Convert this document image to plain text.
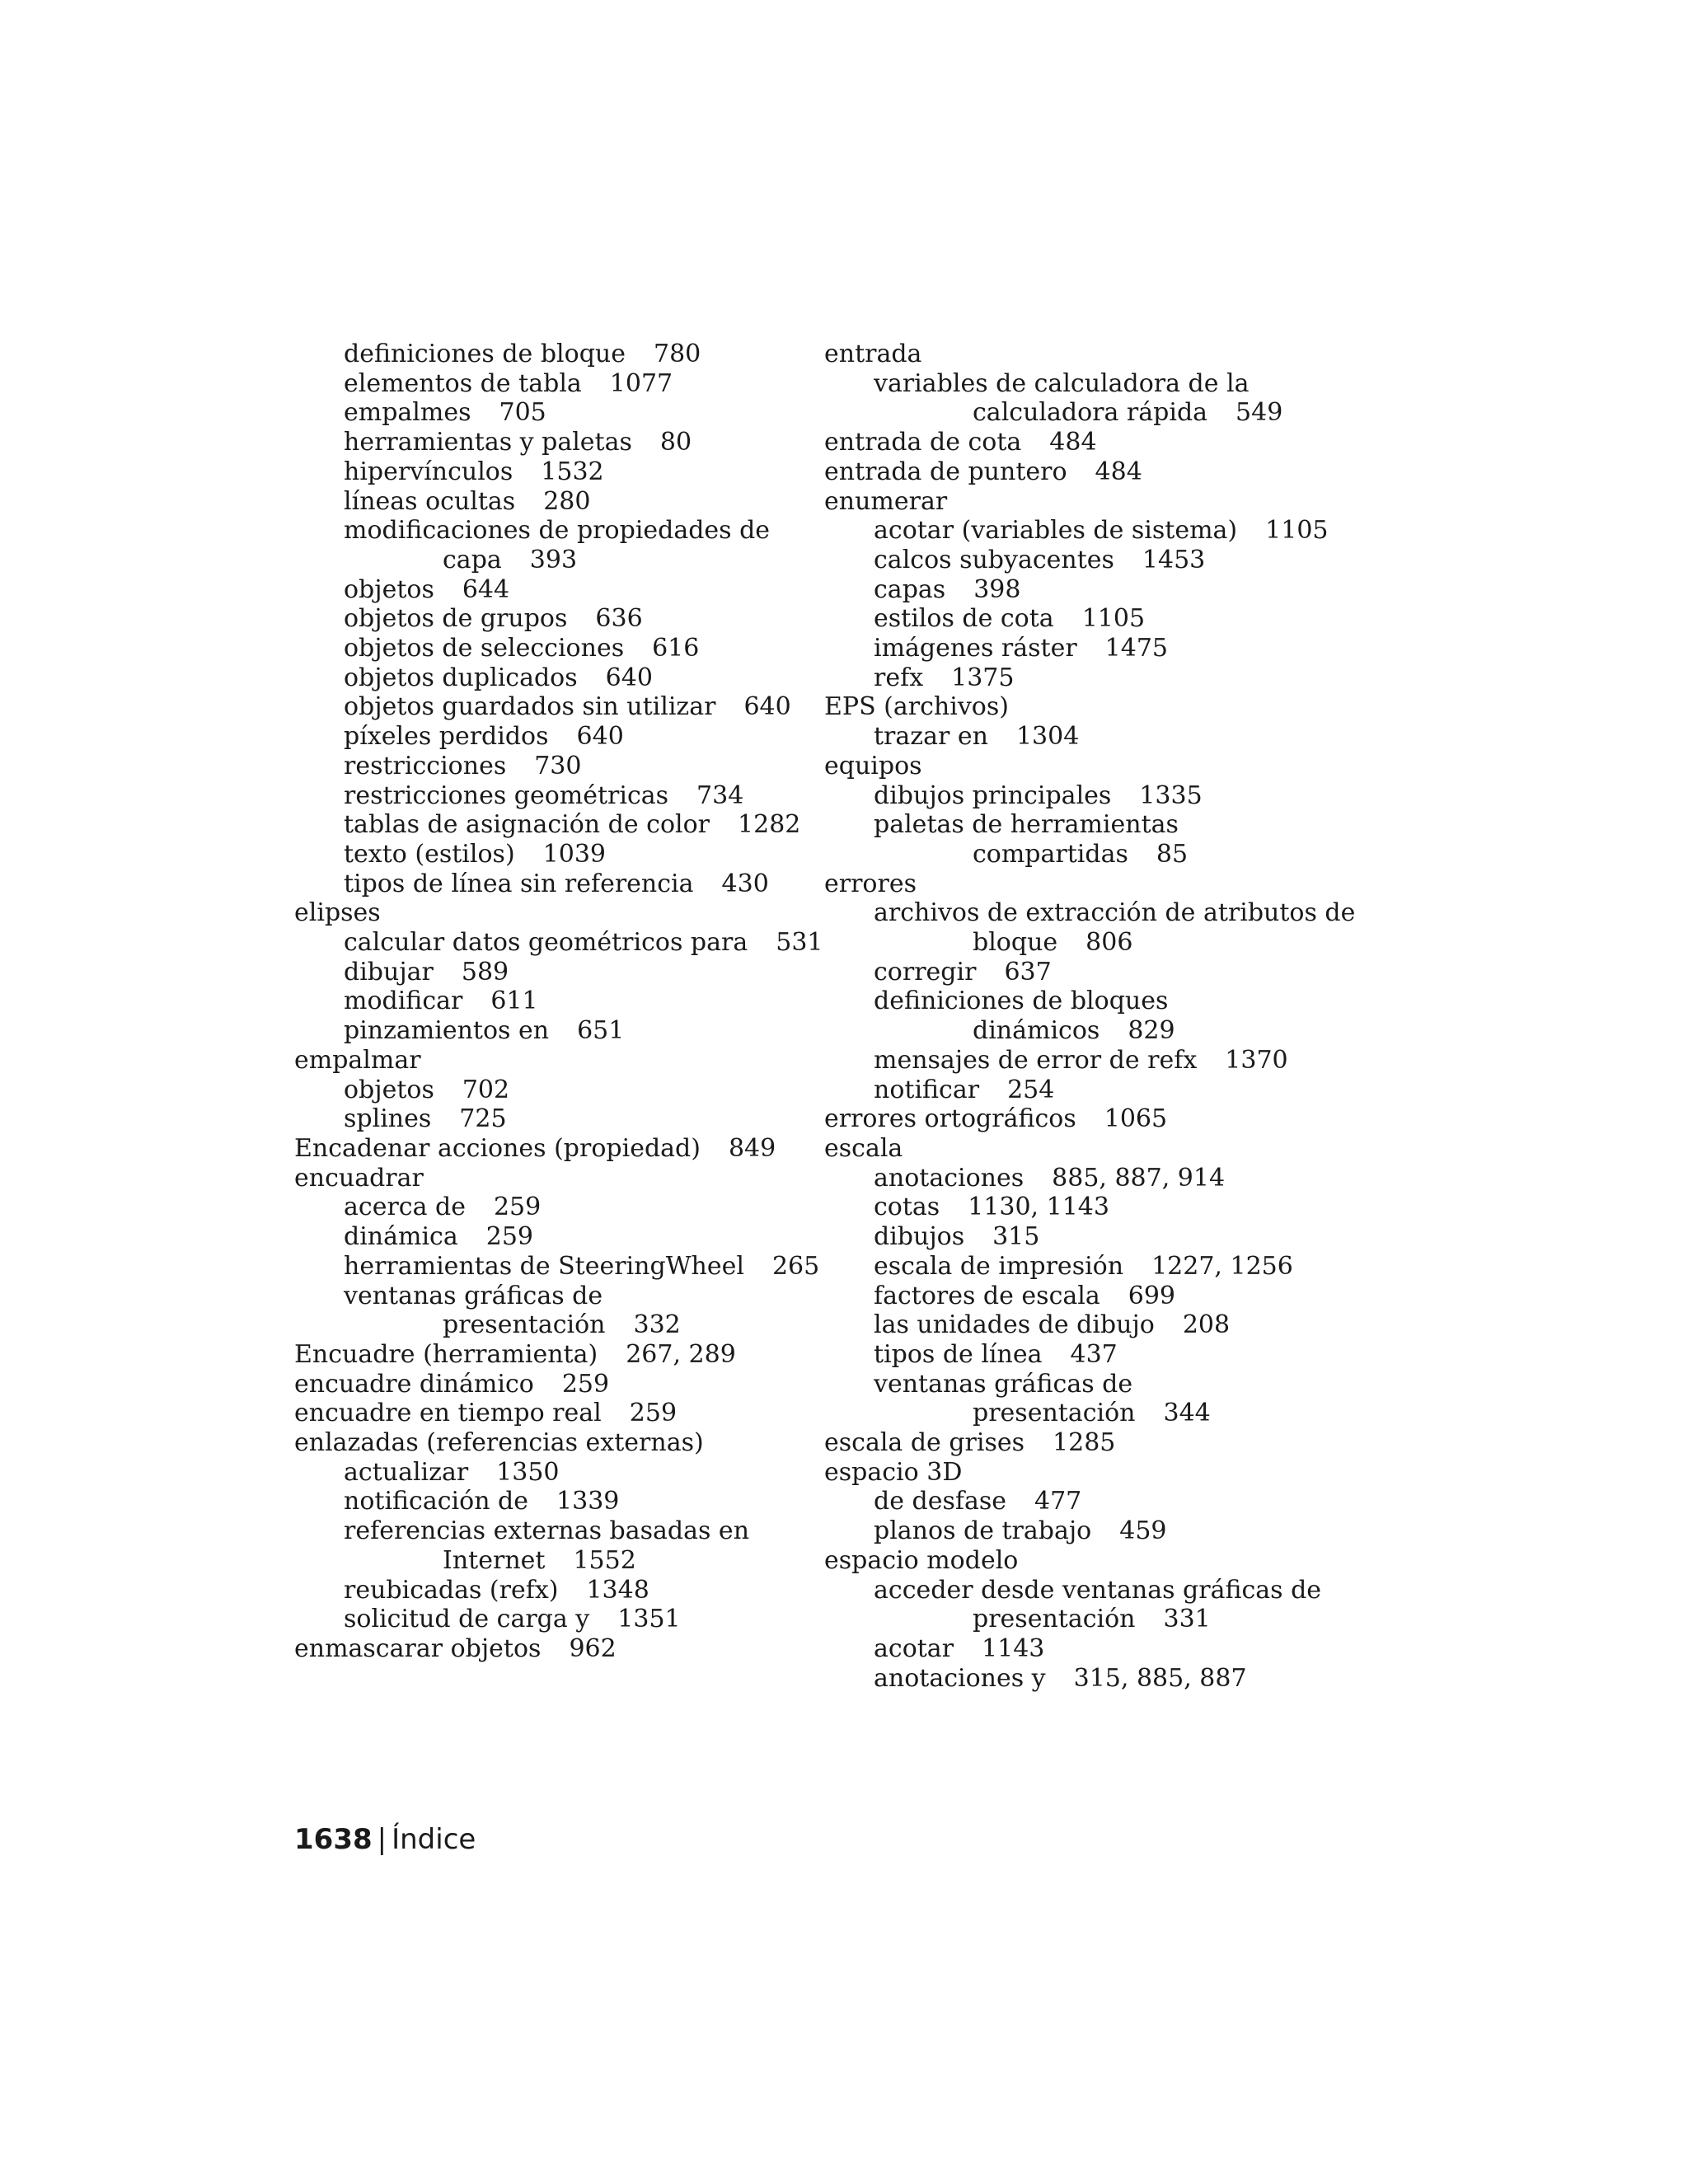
definiciones de bloque 780
elementos de tabla 1077
empalmes 705
herramientas y paletas 80
hipervínculos 1532
líneas ocultas 280
modificaciones de propiedades de
capa 393
objetos 644
objetos de grupos 636
objetos de selecciones 616
objetos duplicados 640
objetos guardados sin utilizar 640
píxeles perdidos 640
restricciones 730
restricciones geométricas 734
tablas de asignación de color 1282
texto (estilos) 1039
tipos de línea sin referencia 430
elipses
calcular datos geométricos para 531
dibujar 589
modificar 611
pinzamientos en 651
empalmar
objetos 702
splines 725
Encadenar acciones (propiedad) 849
encuadrar
acerca de 259
dinámica 259
herramientas de SteeringWheel 265
ventanas gráficas de
presentación 332
Encuadre (herramienta) 267, 289
encuadre dinámico 259
encuadre en tiempo real 259
enlazadas (referencias externas)
actualizar 1350
notificación de 1339
referencias externas basadas en
Internet 1552
reubicadas (refx) 1348
solicitud de carga y 1351
enmascarar objetos 962
entrada
variables de calculadora de la
calculadora rápida 549
entrada de cota 484
entrada de puntero 484
enumerar
acotar (variables de sistema) 1105
calcos subyacentes 1453
capas 398
estilos de cota 1105
imágenes ráster 1475
refx 1375
EPS (archivos)
trazar en 1304
equipos
dibujos principales 1335
paletas de herramientas
compartidas 85
errores
archivos de extracción de atributos de
bloque 806
corregir 637
definiciones de bloques
dinámicos 829
mensajes de error de refx 1370
notificar 254
errores ortográficos 1065
escala
anotaciones 885, 887, 914
cotas 1130, 1143
dibujos 315
escala de impresión 1227, 1256
factores de escala 699
las unidades de dibujo 208
tipos de línea 437
ventanas gráficas de
presentación 344
escala de grises 1285
espacio 3D
de desfase 477
planos de trabajo 459
espacio modelo
acceder desde ventanas gráficas de
presentación 331
acotar 1143
anotaciones y 315, 885, 887
1638 | Índice
